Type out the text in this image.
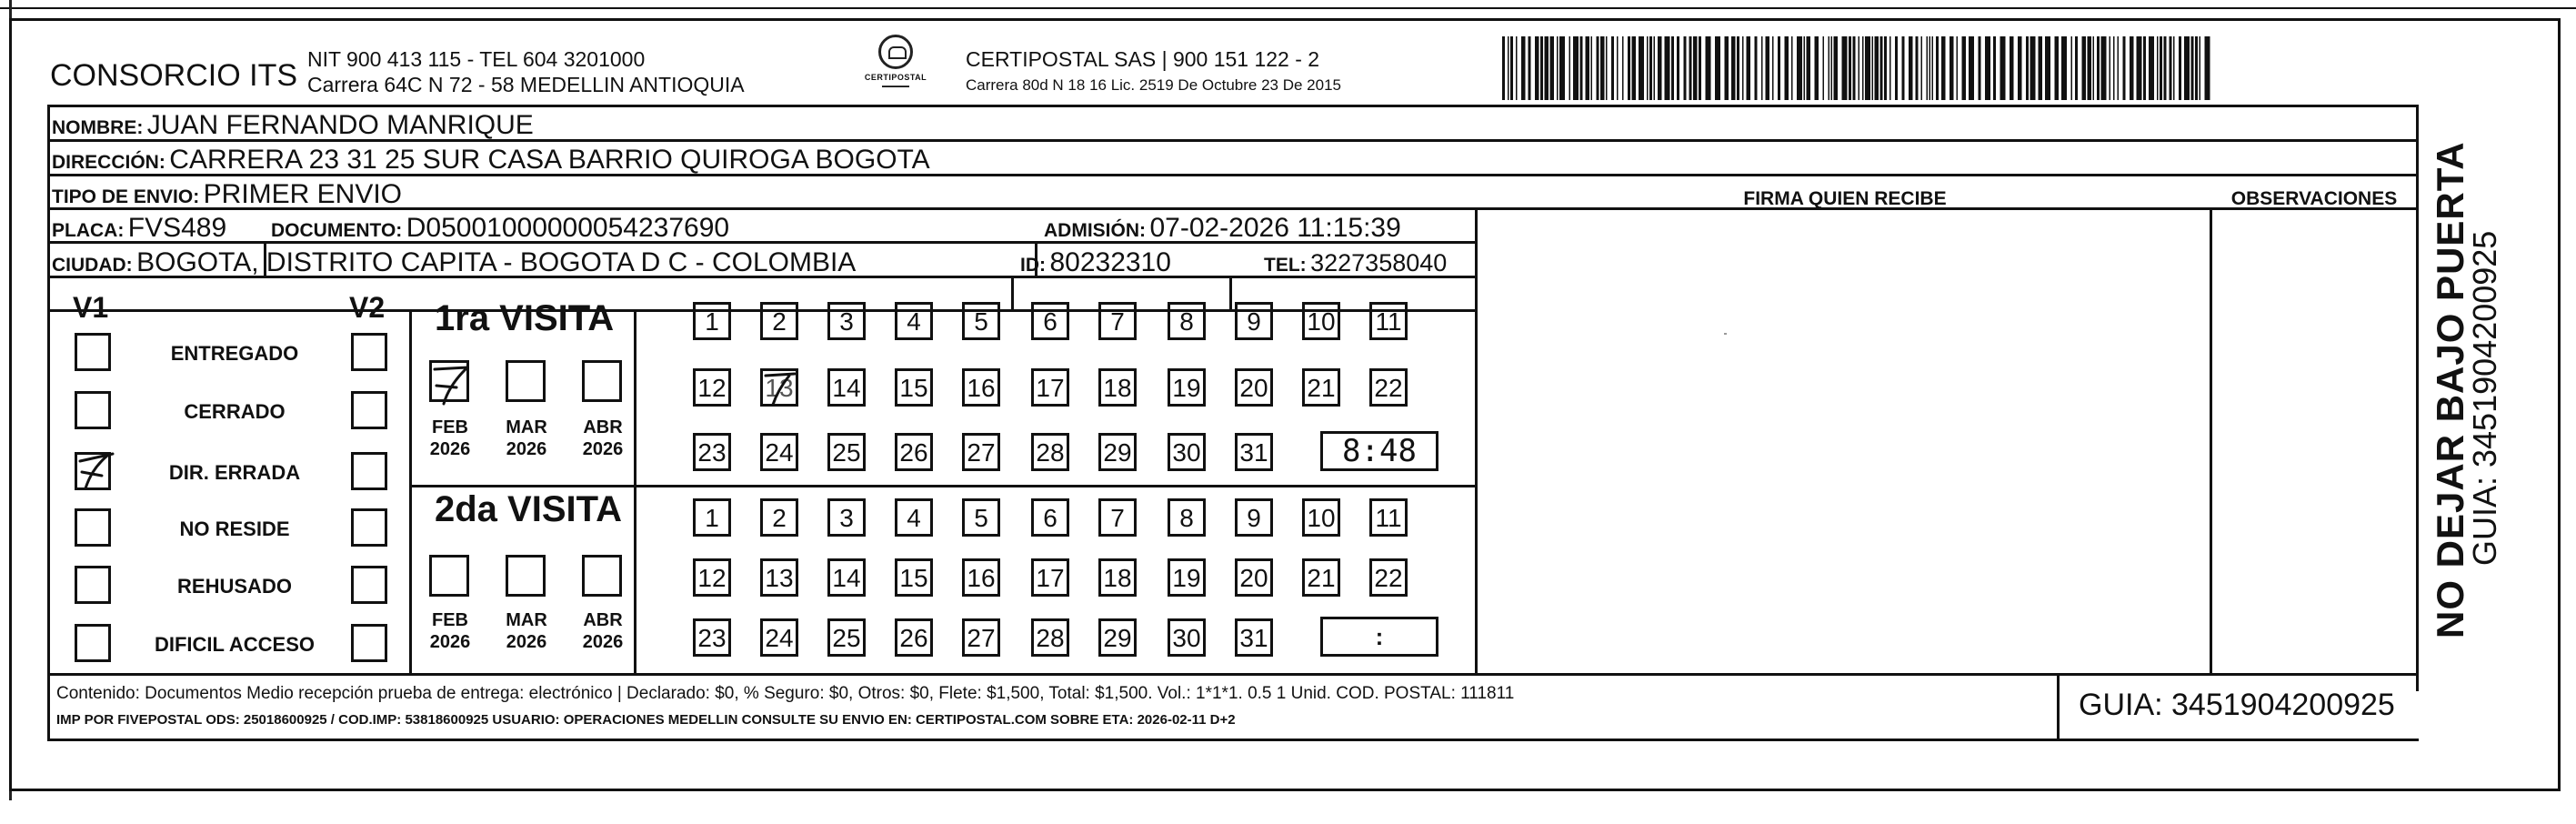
CONSORCIO ITS NIT 900 413 115 - TEL 604 3201000
Carrera 64C N 72 - 58 MEDELLIN ANTIOQUIA	CERTIPOSTAL
▬▬▬▬▬
CERTIPOSTAL SAS | 900 151 122 - 2
Carrera 80d N 18 16 Lic. 2519 De Octubre 23 De 2015
NOMBRE: JUAN FERNANDO MANRIQUE
DIRECCIÓN: CARRERA 23 31 25 SUR CASA BARRIO QUIROGA BOGOTA
TIPO DE ENVIO: PRIMER ENVIO
PLACA: FVS489 DOCUMENTO: D05001000000054237690	ADMISIÓN: 07-02-2026 11:15:39
CIUDAD: BOGOTA, DISTRITO CAPITA - BOGOTA D C - COLOMBIA	ID: 80232310	TEL: 3227358040
FIRMA QUIEN RECIBE	OBSERVACIONES
V1	V2
ENTREGADO
CERRADO
DIR. ERRADA
NO RESIDE
REHUSADO
DIFICIL ACCESO
1ra VISITA
2da VISITA
FEB
2026
MAR
2026
ABR
2026
1	2	3	4	5	6	7	8	9	10 11
12 13 14 15 16 17 18 19 20 21 22
23 24 25 26 27 28 29 30 31	8:48
FEB
2026
MAR
2026
ABR
2026
1	2	3	4	5	6	7	8	9	10 11
12 13 14 15 16 17 18 19 20 21 22
23 24 25 26 27 28 29 30 31	:
Contenido: Documentos Medio recepción prueba de entrega: electrónico | Declarado: $0, % Seguro: $0, Otros: $0, Flete: $1,500, Total: $1,500. Vol.: 1*1*1. 0.5 1 Unid. COD. POSTAL: 111811
IMP POR FIVEPOSTAL ODS: 25018600925 / COD.IMP: 53818600925 USUARIO: OPERACIONES MEDELLIN CONSULTE SU ENVIO EN: CERTIPOSTAL.COM SOBRE ETA: 2026-02-11 D+2	GUIA: 3451904200925
NO DEJAR BAJO PUERTA
GUIA: 3451904200925
